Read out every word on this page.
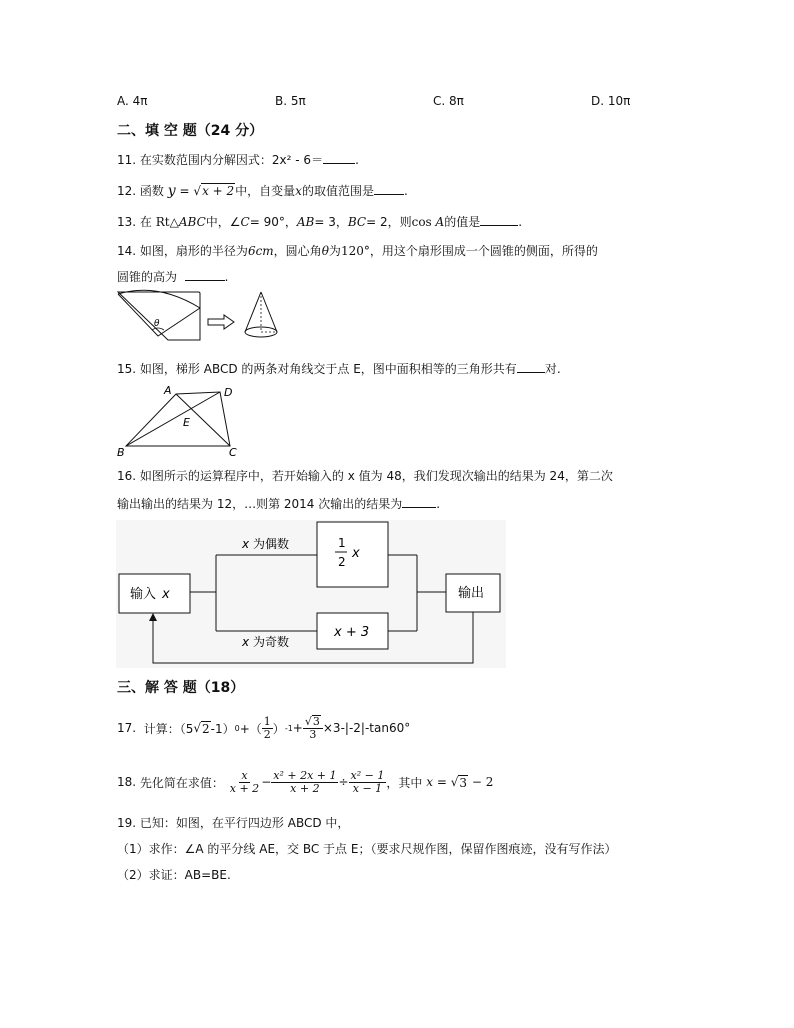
A. 4π	B. 5π	C. 8π	D. 10π
二、填 空 题（24 分）
11. 在实数范围内分解因式：2x² - 6＝	.
12. 函数 y = √x + 2中，自变量x的取值范围是	.
13. 在 Rt△ABC中，∠C= 90°，AB= 3，BC= 2，则cos A的值是	.
14. 如图，扇形的半径为6cm，圆心角θ为120°，用这个扇形围成一个圆锥的侧面，所得的
圆锥的高为	.
θ
15. 如图，梯形 ABCD 的两条对角线交于点 E，图中面积相等的三角形共有 对.
A	D
B	C
E
16. 如图所示的运算程序中，若开始输入的 x 值为 48，我们发现次输出的结果为 24，第二次
输出输出的结果为 12，…则第 2014 次输出的结果为	.
输入 x
1
2
x
x + 3
输出
x 为偶数
x 为奇数
三、解 答 题（18）
17.
计算：（5 √ 2 -1） 0 +（ $\frac{1}{2}$ ） $-1 + \frac{√3}{3} \times 3-|-2|-\tan 60^\circ$
18.
先化简在求值：
$\frac{x}{x + 2} - \frac{\text{x² + 2x + 1}}{x + 2} \div \frac{\text{x² − 1}}{x - 1}$ ，其中
x
=
√ 3
− 2
19. 已知：如图，在平行四边形 ABCD 中，
（1）求作：∠A 的平分线 AE，交 BC 于点 E；（要求尺规作图，保留作图痕迹，没有写作法）
（2）求证：AB=BE.
